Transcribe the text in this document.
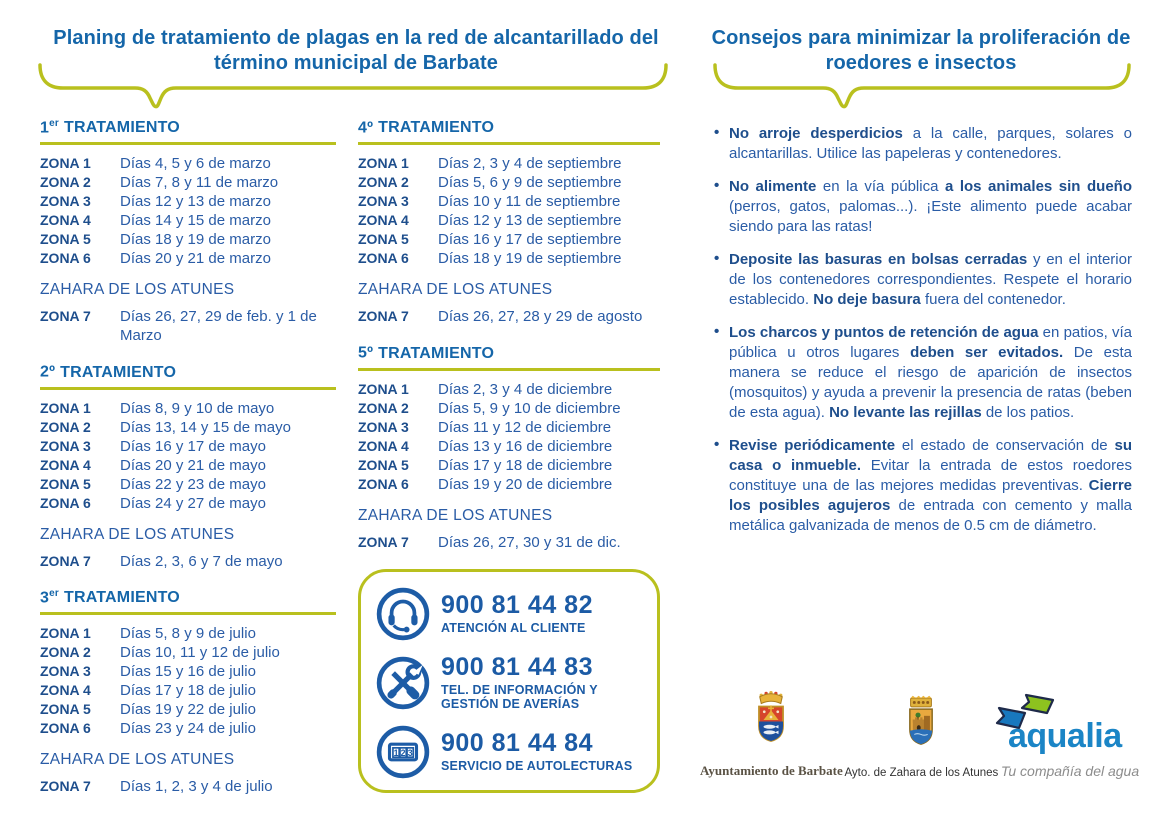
Planing de tratamiento de plagas en la red de alcantarillado del término municipal de Barbate
Consejos para minimizar la proliferación de roedores e insectos
1er TRATAMIENTO
ZONA 1	Días 4, 5 y 6 de marzo
ZONA 2	Días 7, 8 y 11 de marzo
ZONA 3	Días 12 y 13 de marzo
ZONA 4	Días 14 y 15 de marzo
ZONA 5	Días 18 y 19 de marzo
ZONA 6	Días 20 y 21 de marzo
ZAHARA DE LOS ATUNES
ZONA 7	Días 26, 27, 29 de feb. y 1 de Marzo
2º TRATAMIENTO
ZONA 1	Días 8, 9 y 10 de mayo
ZONA 2	Días 13, 14 y 15 de mayo
ZONA 3	Días 16 y 17 de mayo
ZONA 4	Días 20 y 21 de mayo
ZONA 5	Días 22 y 23 de mayo
ZONA 6	Días 24 y 27 de mayo
ZAHARA DE LOS ATUNES
ZONA 7	Días 2, 3, 6 y 7 de mayo
3er TRATAMIENTO
ZONA 1	Días 5, 8 y 9 de julio
ZONA 2	Días 10, 11 y 12 de julio
ZONA 3	Días 15 y 16 de julio
ZONA 4	Días 17 y 18 de julio
ZONA 5	Días 19 y 22 de julio
ZONA 6	Días 23 y 24 de julio
ZAHARA DE LOS ATUNES
ZONA 7	Días 1, 2, 3 y 4 de julio
4º TRATAMIENTO
ZONA 1	Días 2, 3 y 4 de septiembre
ZONA 2	Días 5, 6 y 9 de septiembre
ZONA 3	Días 10 y 11 de septiembre
ZONA 4	Días 12 y 13 de septiembre
ZONA 5	Días 16 y 17 de septiembre
ZONA 6	Días 18 y 19 de septiembre
ZAHARA DE LOS ATUNES
ZONA 7	Días 26, 27, 28 y 29 de agosto
5º TRATAMIENTO
ZONA 1	Días 2, 3 y 4 de diciembre
ZONA 2	Días 5, 9 y 10 de diciembre
ZONA 3	Días 11 y 12 de diciembre
ZONA 4	Días 13 y 16 de diciembre
ZONA 5	Días 17 y 18 de diciembre
ZONA 6	Días 19 y 20 de diciembre
ZAHARA DE LOS ATUNES
ZONA 7	Días 26, 27, 30 y 31 de dic.
900 81 44 82
ATENCIÓN AL CLIENTE
900 81 44 83
TEL. DE INFORMACIÓN Y GESTIÓN DE AVERÍAS
1 2 3 900 81 44 84
SERVICIO DE AUTOLECTURAS
• No arroje desperdicios a la calle, parques, solares o alcantarillas. Utilice las papeleras y contenedores.
• No alimente en la vía pública a los animales sin dueño (perros, gatos, palomas...). ¡Este alimento puede acabar siendo para las ratas!
• Deposite las basuras en bolsas cerradas y en el interior de los contenedores correspondientes. Respete el horario establecido. No deje basura fuera del contenedor.
• Los charcos y puntos de retención de agua en patios, vía pública u otros lugares deben ser evitados. De esta manera se reduce el riesgo de aparición de insectos (mosquitos) y ayuda a prevenir la presencia de ratas (beben de esta agua). No levante las rejillas de los patios.
• Revise periódicamente el estado de conservación de su casa o inmueble. Evitar la entrada de estos roedores constituye una de las mejores medidas preventivas. Cierre los posibles agujeros de entrada con cemento y malla metálica galvanizada de menos de 0.5 cm de diámetro.
Ayuntamiento de Barbate Ayto. de Zahara de los Atunes
aqualia
Tu compañía del agua
